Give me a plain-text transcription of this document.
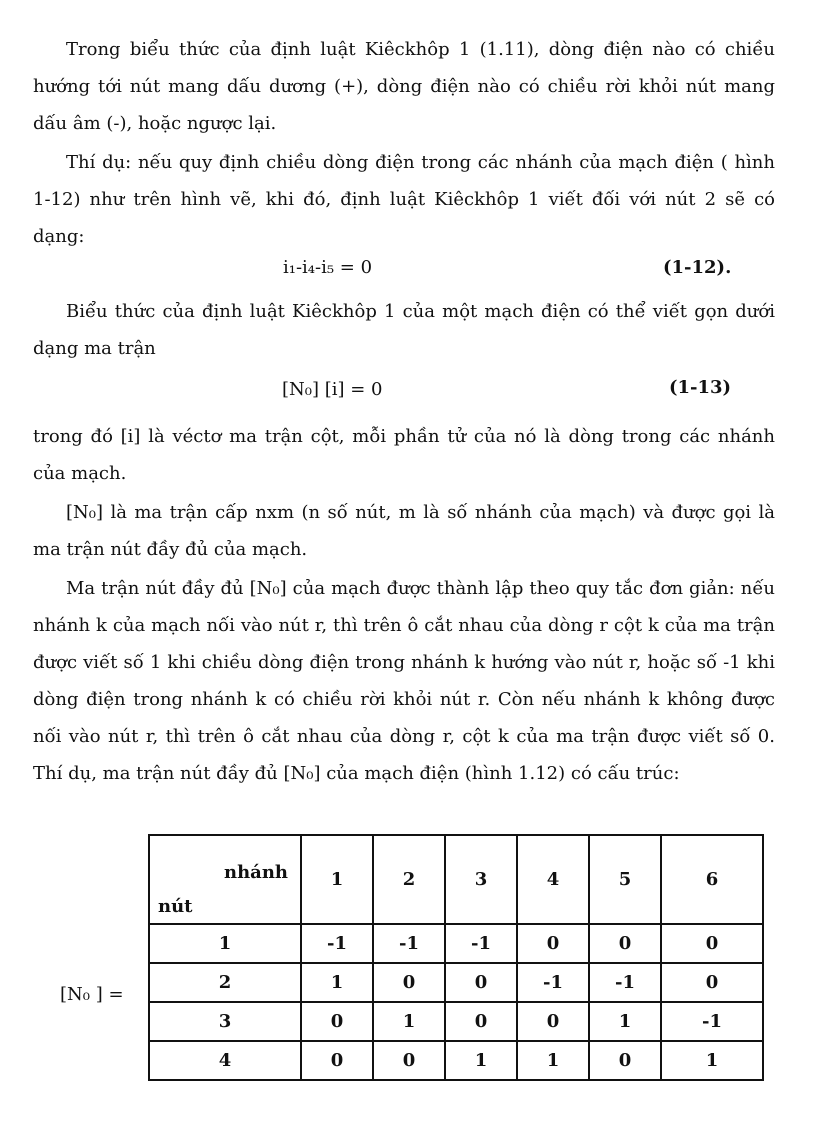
Trong biểu thức của định luật Kiêckhôp 1 (1.11), dòng điện nào có chiều hướng tới nút mang dấu dương (+), dòng điện nào có chiều rời khỏi nút mang dấu âm (-), hoặc ngược lại.

Thí dụ: nếu quy định chiều dòng điện trong các nhánh của mạch điện ( hình 1-12) như trên hình vẽ, khi đó, định luật Kiêckhôp 1 viết đối với nút 2 sẽ có dạng:

i₁-i₄-i₅ = 0	(1-12).

Biểu thức của định luật Kiêckhôp 1 của một mạch điện có thể viết gọn dưới dạng ma trận

[N₀] [i] = 0	(1-13)

trong đó [i] là véctơ ma trận cột, mỗi phần tử của nó là dòng trong các nhánh của mạch.

[N₀] là ma trận cấp nxm (n số nút, m là số nhánh của mạch) và được gọi là ma trận nút đầy đủ của mạch.

Ma trận nút đầy đủ [N₀] của mạch được thành lập theo quy tắc đơn giản: nếu nhánh k của mạch nối vào nút r, thì trên ô cắt nhau của dòng r cột k của ma trận được viết số 1 khi chiều dòng điện trong nhánh k hướng vào nút r, hoặc số -1 khi dòng điện trong nhánh k có chiều rời khỏi nút r. Còn nếu nhánh k không được nối vào nút r, thì trên ô cắt nhau của dòng r, cột k của ma trận được viết số 0. Thí dụ, ma trận nút đầy đủ [N₀] của mạch điện (hình 1.12) có cấu trúc:

[N₀ ] =
nhánh
nút	1	2	3	4	5	6
1	-1	-1	-1	0	0	0
2	1	0	0	-1	-1	0
3	0	1	0	0	1	-1
4	0	0	1	1	0	1
